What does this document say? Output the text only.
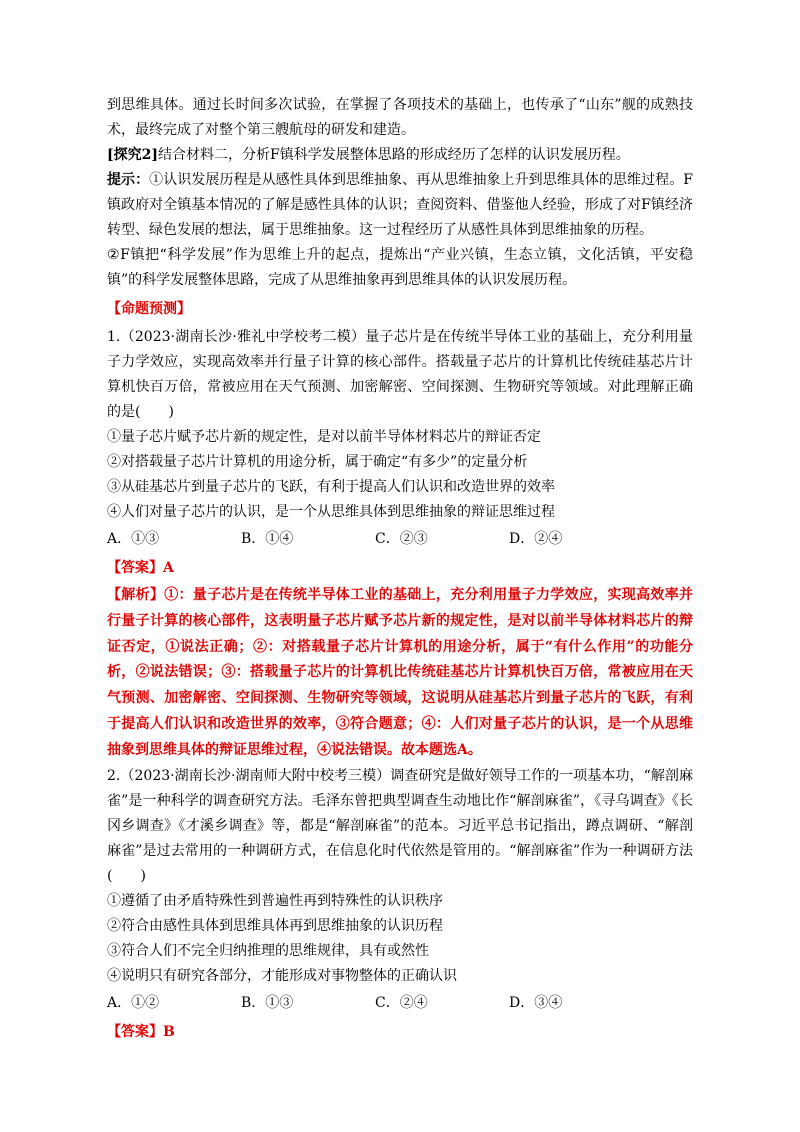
到思维具体。通过长时间多次试验，在掌握了各项技术的基础上，也传承了“山东”舰的成熟技术，最终完成了对整个第三艘航母的研发和建造。

[探究2]结合材料二，分析F镇科学发展整体思路的形成经历了怎样的认识发展历程。

提示：①认识发展历程是从感性具体到思维抽象、再从思维抽象上升到思维具体的思维过程。F镇政府对全镇基本情况的了解是感性具体的认识；查阅资料、借鉴他人经验，形成了对F镇经济转型、绿色发展的想法，属于思维抽象。这一过程经历了从感性具体到思维抽象的历程。

②F镇把“科学发展”作为思维上升的起点，提炼出“产业兴镇，生态立镇，文化活镇，平安稳镇”的科学发展整体思路，完成了从思维抽象再到思维具体的认识发展历程。

【命题预测】

1.（2023·湖南长沙·雅礼中学校考二模）量子芯片是在传统半导体工业的基础上，充分利用量子力学效应，实现高效率并行量子计算的核心部件。搭载量子芯片的计算机比传统硅基芯片计算机快百万倍，常被应用在天气预测、加密解密、空间探测、生物研究等领域。对此理解正确的是(　　)

①量子芯片赋予芯片新的规定性，是对以前半导体材料芯片的辩证否定

②对搭载量子芯片计算机的用途分析，属于确定“有多少”的定量分析

③从硅基芯片到量子芯片的飞跃，有利于提高人们认识和改造世界的效率

④人们对量子芯片的认识，是一个从思维具体到思维抽象的辩证思维过程

A．①③	B．①④	C．②③	D．②④
【答案】A

【解析】①：量子芯片是在传统半导体工业的基础上，充分利用量子力学效应，实现高效率并行量子计算的核心部件，这表明量子芯片赋予芯片新的规定性，是对以前半导体材料芯片的辩证否定，①说法正确；②：对搭载量子芯片计算机的用途分析，属于“有什么作用”的功能分析，②说法错误；③：搭载量子芯片的计算机比传统硅基芯片计算机快百万倍，常被应用在天气预测、加密解密、空间探测、生物研究等领域，这说明从硅基芯片到量子芯片的飞跃，有利于提高人们认识和改造世界的效率，③符合题意；④：人们对量子芯片的认识，是一个从思维抽象到思维具体的辩证思维过程，④说法错误。故本题选A。

2.（2023·湖南长沙·湖南师大附中校考三模）调查研究是做好领导工作的一项基本功，“解剖麻雀”是一种科学的调查研究方法。毛泽东曾把典型调查生动地比作“解剖麻雀”，《寻乌调查》《长冈乡调查》《才溪乡调查》等，都是“解剖麻雀”的范本。习近平总书记指出，蹲点调研、“解剖麻雀”是过去常用的一种调研方式，在信息化时代依然是管用的。“解剖麻雀”作为一种调研方法(　　)

①遵循了由矛盾特殊性到普遍性再到特殊性的认识秩序

②符合由感性具体到思维具体再到思维抽象的认识历程

③符合人们不完全归纳推理的思维规律，具有或然性

④说明只有研究各部分，才能形成对事物整体的正确认识

A．①②	B．①③	C．②④	D．③④
【答案】B
